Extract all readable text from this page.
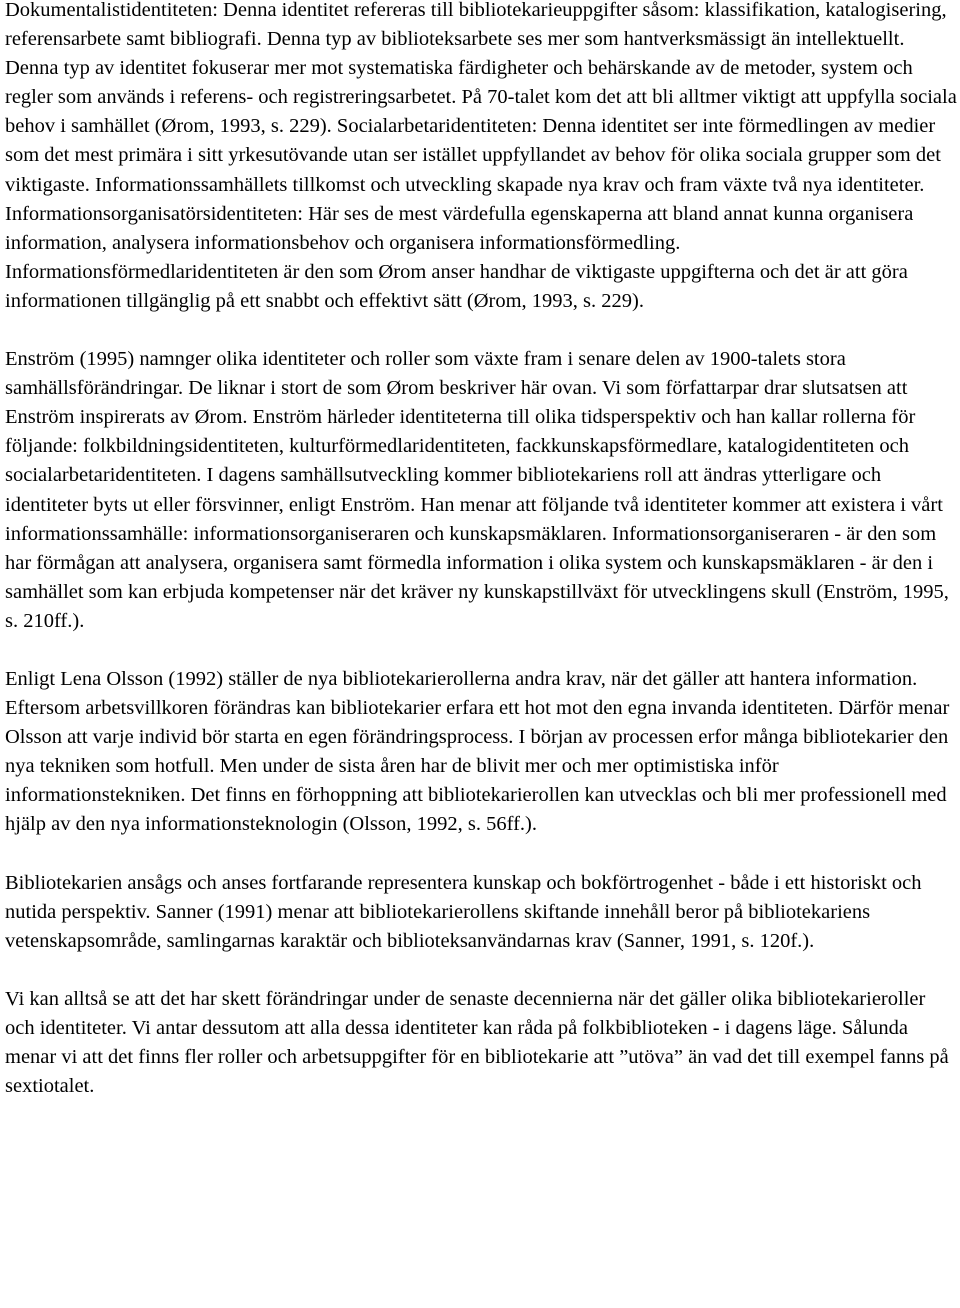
Dokumentalistidentiteten: Denna identitet refereras till bibliotekarieuppgifter såsom: klassifikation, katalogisering, referensarbete samt bibliografi. Denna typ av biblioteksarbete ses mer som hantverksmässigt än intellektuellt. Denna typ av identitet fokuserar mer mot systematiska färdigheter och behärskande av de metoder, system och regler som används i referens- och registreringsarbetet. På 70-talet kom det att bli alltmer viktigt att uppfylla sociala behov i samhället (Ørom, 1993, s. 229). Socialarbetaridentiteten: Denna identitet ser inte förmedlingen av medier som det mest primära i sitt yrkesutövande utan ser istället uppfyllandet av behov för olika sociala grupper som det viktigaste. Informationssamhällets tillkomst och utveckling skapade nya krav och fram växte två nya identiteter. Informationsorganisatörsidentiteten: Här ses de mest värdefulla egenskaperna att bland annat kunna organisera information, analysera informationsbehov och organisera informationsförmedling. Informationsförmedlaridentiteten är den som Ørom anser handhar de viktigaste uppgifterna och det är att göra informationen tillgänglig på ett snabbt och effektivt sätt (Ørom, 1993, s. 229).

Enström (1995) namnger olika identiteter och roller som växte fram i senare delen av 1900-talets stora samhällsförändringar. De liknar i stort de som Ørom beskriver här ovan. Vi som författarpar drar slutsatsen att Enström inspirerats av Ørom. Enström härleder identiteterna till olika tidsperspektiv och han kallar rollerna för följande: folkbildningsidentiteten, kulturförmedlaridentiteten, fackkunskapsförmedlare, katalogidentiteten och socialarbetaridentiteten. I dagens samhällsutveckling kommer bibliotekariens roll att ändras ytterligare och identiteter byts ut eller försvinner, enligt Enström. Han menar att följande två identiteter kommer att existera i vårt informationssamhälle: informationsorganiseraren och kunskapsmäklaren. Informationsorganiseraren - är den som har förmågan att analysera, organisera samt förmedla information i olika system och kunskapsmäklaren - är den i samhället som kan erbjuda kompetenser när det kräver ny kunskapstillväxt för utvecklingens skull (Enström, 1995, s. 210ff.).

Enligt Lena Olsson (1992) ställer de nya bibliotekarierollerna andra krav, när det gäller att hantera information. Eftersom arbetsvillkoren förändras kan bibliotekarier erfara ett hot mot den egna invanda identiteten. Därför menar Olsson att varje individ bör starta en egen förändringsprocess. I början av processen erfor många bibliotekarier den nya tekniken som hotfull. Men under de sista åren har de blivit mer och mer optimistiska inför informationstekniken. Det finns en förhoppning att bibliotekarierollen kan utvecklas och bli mer professionell med hjälp av den nya informationsteknologin (Olsson, 1992, s. 56ff.).

Bibliotekarien ansågs och anses fortfarande representera kunskap och bokförtrogenhet - både i ett historiskt och nutida perspektiv. Sanner (1991) menar att bibliotekarierollens skiftande innehåll beror på bibliotekariens vetenskapsområde, samlingarnas karaktär och biblioteksanvändarnas krav (Sanner, 1991, s. 120f.).

Vi kan alltså se att det har skett förändringar under de senaste decennierna när det gäller olika bibliotekarieroller och identiteter. Vi antar dessutom att alla dessa identiteter kan råda på folkbiblioteken - i dagens läge. Sålunda menar vi att det finns fler roller och arbetsuppgifter för en bibliotekarie att ”utöva” än vad det till exempel fanns på sextiotalet.
